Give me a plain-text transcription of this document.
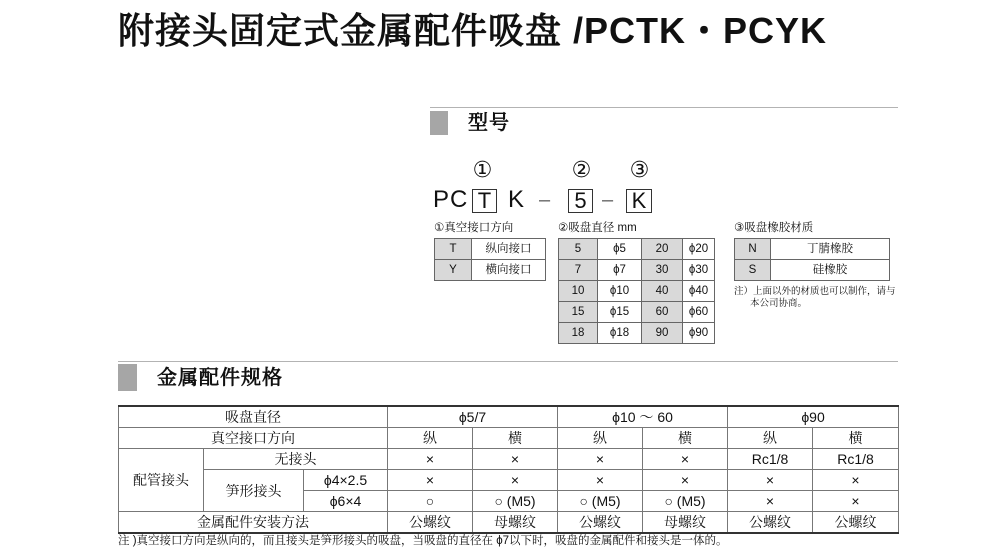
附接头固定式金属配件吸盘 /PCTK・PCYK
型号
①	② ③
PC T K – 5 – K
①真空接口方向
T	纵向接口
Y	横向接口
②吸盘直径 mm
5	ϕ5	20	ϕ20
7	ϕ7	30	ϕ30
10	ϕ10	40	ϕ40
15	ϕ15	60	ϕ60
18	ϕ18	90	ϕ90
③吸盘橡胶材质
N	丁腈橡胶
S	硅橡胶
注）上面以外的材质也可以制作，请与
本公司协商。
金属配件规格
吸盘直径			ϕ5/7		ϕ10 ～ 60		ϕ90	
真空接口方向			纵	横	纵	横	纵	横
配管接头	无接头		×	×	×	×	Rc1/8	Rc1/8
	笋形接头	ϕ4×2.5	×	×	×	×	×	×
		ϕ6×4	○	○ (M5)	○ (M5)	○ (M5)	×	×
金属配件安装方法			公螺纹	母螺纹	公螺纹	母螺纹	公螺纹	公螺纹
注 )真空接口方向是纵向的，而且接头是笋形接头的吸盘，当吸盘的直径在 ϕ7以下时，吸盘的金属配件和接头是一体的。
